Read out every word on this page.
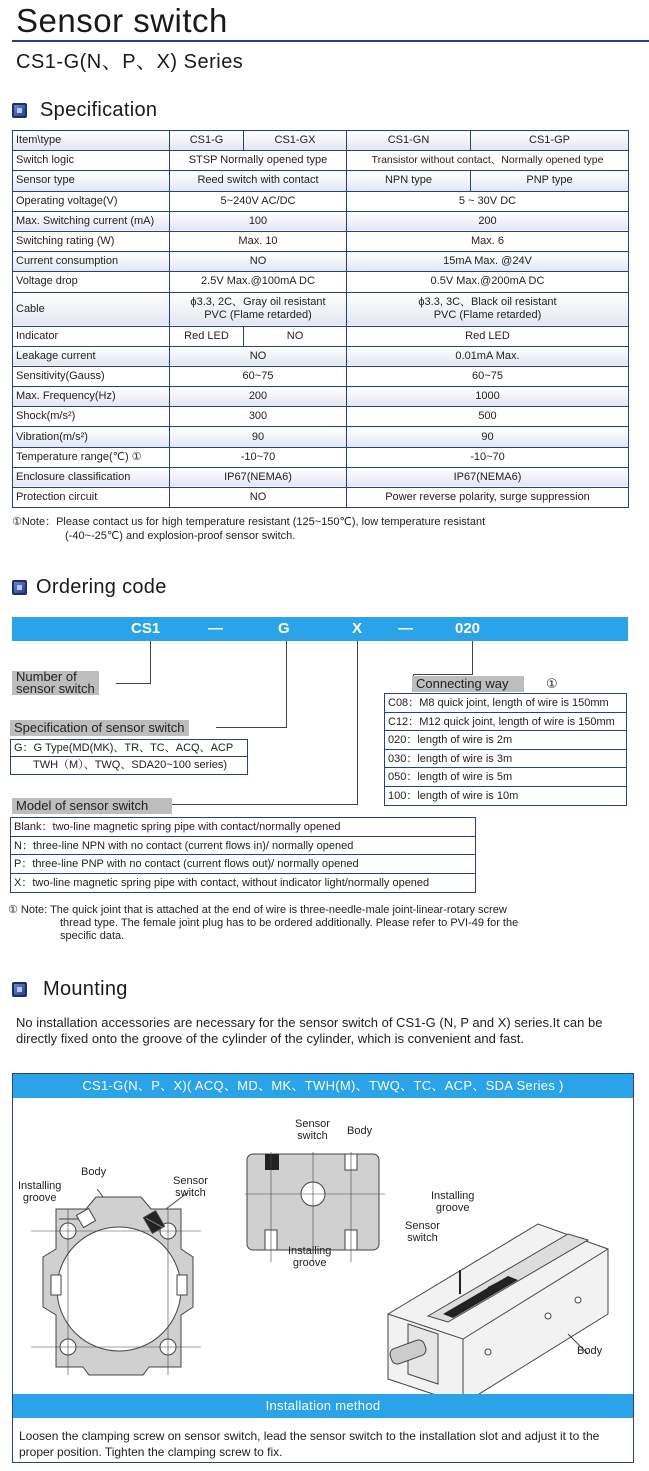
Sensor switch
CS1-G(N、P、X) Series
Specification
Item\type	CS1-G	CS1-GX	CS1-GN	CS1-GP
Switch logic	STSP Normally opened type		Transistor without contact、Normally opened type	
Sensor type	Reed switch with contact		NPN type	PNP type
Operating voltage(V)	5~240V AC/DC		5 ~ 30V DC	
Max. Switching current (mA)	100		200	
Switching rating (W)	Max. 10		Max. 6	
Current consumption	NO		15mA Max. @24V	
Voltage drop	2.5V Max.@100mA DC		0.5V Max.@200mA DC	
Cable	ϕ3.3, 2C、Gray oil resistant PVC (Flame retarded)		ϕ3.3, 3C、Black oil resistant PVC (Flame retarded)	
Indicator	Red LED	NO	Red LED	
Leakage current	NO		0.01mA Max.	
Sensitivity(Gauss)	60~75		60~75	
Max. Frequency(Hz)	200		1000	
Shock(m/s²)	300		500	
Vibration(m/s²)	90		90	
Temperature range(℃) ①	-10~70		-10~70	
Enclosure classification	IP67(NEMA6)		IP67(NEMA6)	
Protection circuit	NO		Power reverse polarity, surge suppression	
①Note：Please contact us for high temperature resistant (125~150℃), low temperature resistant
(-40~-25℃) and explosion-proof sensor switch.
Ordering code
CS1	—	G	X —	020
Number of
sensor switch
Specification of sensor switch
G：G Type(MD(MK)、TR、TC、ACQ、ACP
TWH（M）、TWQ、SDA20~100 series)
Connecting way	①
C08：M8 quick joint, length of wire is 150mm
C12：M12 quick joint, length of wire is 150mm
020：length of wire is 2m
030：length of wire is 3m
050：length of wire is 5m
100：length of wire is 10m
Model of sensor switch
Blank：two-line magnetic spring pipe with contact/normally opened
N：three-line NPN with no contact (current flows in)/ normally opened
P：three-line PNP with no contact (current flows out)/ normally opened
X：two-line magnetic spring pipe with contact, without indicator light/normally opened
① Note: The quick joint that is attached at the end of wire is three-needle-male joint-linear-rotary screw
thread type. The female joint plug has to be ordered additionally. Please refer to PVI-49 for the
specific data.
Mounting
No installation accessories are necessary for the sensor switch of CS1-G (N, P and X) series.It can be directly fixed onto the groove of the cylinder of the cylinder, which is convenient and fast.
CS1-G(N、P、X)( ACQ、MD、MK、TWH(M)、TWQ、TC、ACP、SDA Series )
Body
Sensor
switch
Installing
groove
Sensor
switch Body
Installing
groove
Installing
groove
Sensor
switch
Body
Installation method
Loosen the clamping screw on sensor switch, lead the sensor switch to the installation slot and adjust it to the proper position. Tighten the clamping screw to fix.
